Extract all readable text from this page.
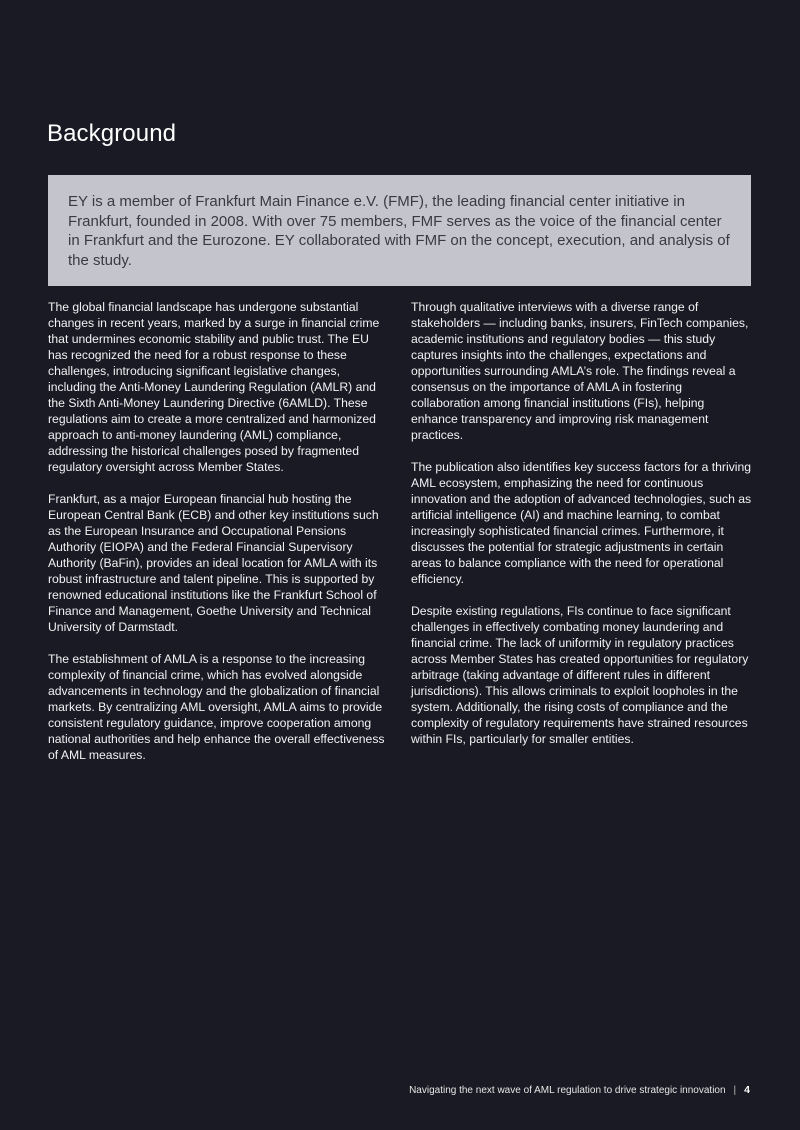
Background

EY is a member of Frankfurt Main Finance e.V. (FMF), the leading financial center initiative in Frankfurt, founded in 2008. With over 75 members, FMF serves as the voice of the financial center in Frankfurt and the Eurozone. EY collaborated with FMF on the concept, execution, and analysis of the study.

The global financial landscape has undergone substantial changes in recent years, marked by a surge in financial crime that undermines economic stability and public trust. The EU has recognized the need for a robust response to these challenges, introducing significant legislative changes, including the Anti-Money Laundering Regulation (AMLR) and the Sixth Anti-Money Laundering Directive (6AMLD). These regulations aim to create a more centralized and harmonized approach to anti-money laundering (AML) compliance, addressing the historical challenges posed by fragmented regulatory oversight across Member States.

Frankfurt, as a major European financial hub hosting the European Central Bank (ECB) and other key institutions such as the European Insurance and Occupational Pensions Authority (EIOPA) and the Federal Financial Supervisory Authority (BaFin), provides an ideal location for AMLA with its robust infrastructure and talent pipeline. This is supported by renowned educational institutions like the Frankfurt School of Finance and Management, Goethe University and Technical University of Darmstadt.

The establishment of AMLA is a response to the increasing complexity of financial crime, which has evolved alongside advancements in technology and the globalization of financial markets. By centralizing AML oversight, AMLA aims to provide consistent regulatory guidance, improve cooperation among national authorities and help enhance the overall effectiveness of AML measures.

Through qualitative interviews with a diverse range of stakeholders — including banks, insurers, FinTech companies, academic institutions and regulatory bodies — this study captures insights into the challenges, expectations and opportunities surrounding AMLA’s role. The findings reveal a consensus on the importance of AMLA in fostering collaboration among financial institutions (FIs), helping enhance transparency and improving risk management practices.

The publication also identifies key success factors for a thriving AML ecosystem, emphasizing the need for continuous innovation and the adoption of advanced technologies, such as artificial intelligence (AI) and machine learning, to combat increasingly sophisticated financial crimes. Furthermore, it discusses the potential for strategic adjustments in certain areas to balance compliance with the need for operational efficiency.

Despite existing regulations, FIs continue to face significant challenges in effectively combating money laundering and financial crime. The lack of uniformity in regulatory practices across Member States has created opportunities for regulatory arbitrage (taking advantage of different rules in different jurisdictions). This allows criminals to exploit loopholes in the system. Additionally, the rising costs of compliance and the complexity of regulatory requirements have strained resources within FIs, particularly for smaller entities.

Navigating the next wave of AML regulation to drive strategic innovation | 4
